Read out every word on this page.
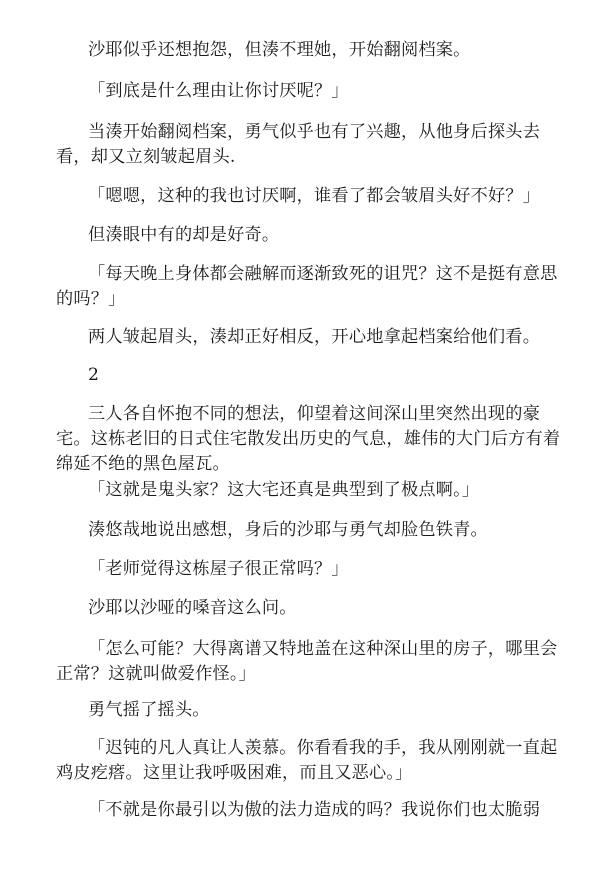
沙耶似乎还想抱怨，但湊不理她，开始翻阅档案。

「到底是什么理由让你讨厌呢？」

当湊开始翻阅档案，勇气似乎也有了兴趣，从他身后探头去看，却又立刻皱起眉头.

「嗯嗯，这种的我也讨厌啊，谁看了都会皱眉头好不好？」

但湊眼中有的却是好奇。

「每天晚上身体都会融解而逐渐致死的诅咒？这不是挺有意思的吗？」

两人皱起眉头，湊却正好相反，开心地拿起档案给他们看。

2

三人各自怀抱不同的想法，仰望着这间深山里突然出现的豪宅。这栋老旧的日式住宅散发出历史的气息，雄伟的大门后方有着绵延不绝的黑色屋瓦。

「这就是鬼头家？这大宅还真是典型到了极点啊。」

湊悠哉地说出感想，身后的沙耶与勇气却脸色铁青。

「老师觉得这栋屋子很正常吗？」

沙耶以沙哑的嗓音这么问。

「怎么可能？大得离谱又特地盖在这种深山里的房子，哪里会正常？这就叫做爱作怪。」

勇气摇了摇头。

「迟钝的凡人真让人羡慕。你看看我的手，我从刚刚就一直起鸡皮疙瘩。这里让我呼吸困难，而且又恶心。」

「不就是你最引以为傲的法力造成的吗？我说你们也太脆弱
